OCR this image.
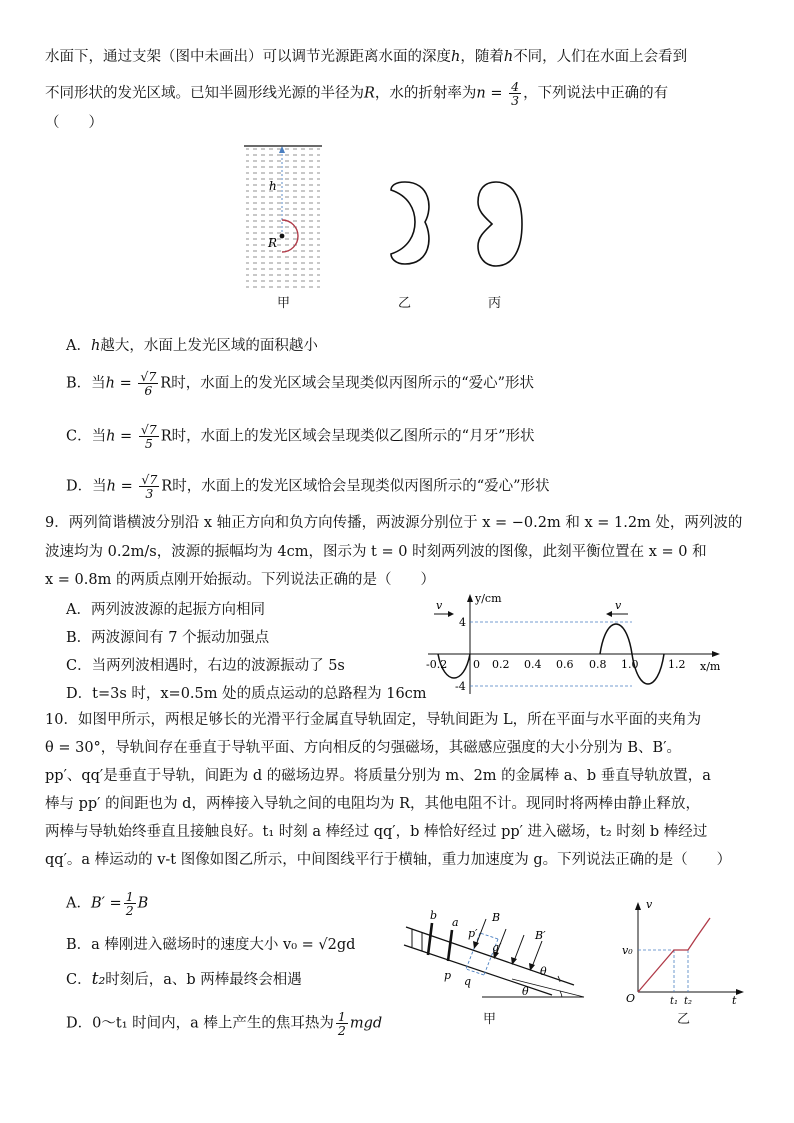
水面下，通过支架（图中未画出）可以调节光源距离水面的深度h，随着h不同，人们在水面上会看到
不同形状的发光区域。已知半圆形线光源的半径为R，水的折射率为$n = \frac{4}{3}$ ，下列说法中正确的有
（　　）
h
R
甲	乙	丙
A．h越大，水面上发光区域的面积越小
B．当$h = \frac{√7}{6}$ R时，水面上的发光区域会呈现类似丙图所示的“爱心”形状
C．当$h = \frac{√7}{5}$ R时，水面上的发光区域会呈现类似乙图所示的“月牙”形状
D．当$h = \frac{√7}{3}$ R时，水面上的发光区域恰会呈现类似丙图所示的“爱心”形状
9．两列简谐横波分别沿 x 轴正方向和负方向传播，两波源分别位于 x = −0.2m 和 x = 1.2m 处，两列波的
波速均为 0.2m/s，波源的振幅均为 4cm，图示为 t = 0 时刻两列波的图像，此刻平衡位置在 x = 0 和
x = 0.8m 的两质点刚开始振动。下列说法正确的是（　　）
A．两列波波源的起振方向相同
B．两波源间有 7 个振动加强点
C．当两列波相遇时，右边的波源振动了 5s
D．t=3s 时，x=0.5m 处的质点运动的总路程为 16cm
v	v
y/cm
x/m
4
-4
0
-0.2	0.2 0.4 0.6 0.8 1.0	1.2
10．如图甲所示，两根足够长的光滑平行金属直导轨固定，导轨间距为 L，所在平面与水平面的夹角为
θ = 30°，导轨间存在垂直于导轨平面、方向相反的匀强磁场，其磁感应强度的大小分别为 B、B′。
pp′、qq′是垂直于导轨，间距为 d 的磁场边界。将质量分别为 m、2m 的金属棒 a、b 垂直导轨放置，a
棒与 pp′ 的间距也为 d，两棒接入导轨之间的电阻均为 R，其他电阻不计。现同时将两棒由静止释放，
两棒与导轨始终垂直且接触良好。t₁ 时刻 a 棒经过 qq′，b 棒恰好经过 pp′ 进入磁场，t₂ 时刻 b 棒经过
qq′。a 棒运动的 v-t 图像如图乙所示，中间图线平行于横轴，重力加速度为 g。下列说法正确的是（　　）
A．$B' = \frac{1}{2}$ B
B．a 棒刚进入磁场时的速度大小 v₀ = √2gd
C．t₂时刻后，a、b 两棒最终会相遇
D．0～t₁ 时间内，a 棒上产生的焦耳热为 $\frac{1}{2}$ mgd
b
a
p′
q′
p q
B
B′
θ
θ
甲
v
v₀
O	t₁ t₂	t
乙
